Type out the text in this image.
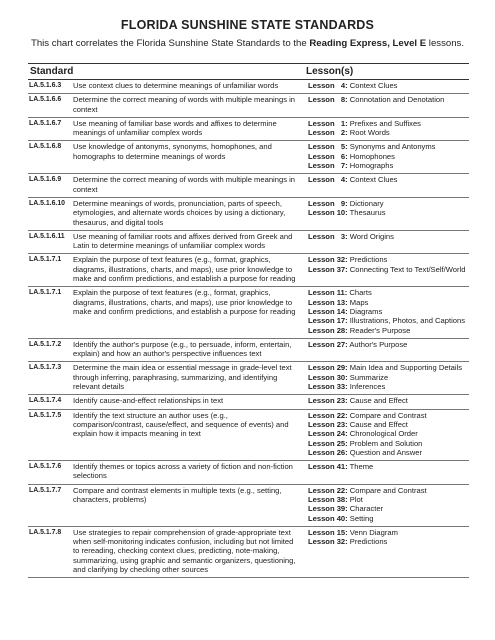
FLORIDA SUNSHINE STATE STANDARDS
This chart correlates the Florida Sunshine State Standards to the Reading Express, Level E lessons.
Standard		Lesson(s)
LA.5.1.6.3	Use context clues to determine meanings of unfamiliar words	Lesson   4: Context Clues

LA.5.1.6.6	Determine the correct meaning of words with multiple meanings in context	Lesson   8: Connotation and Denotation

LA.5.1.6.7	Use meaning of familiar base words and affixes to determine meanings of unfamiliar complex words	Lesson   1: Prefixes and Suffixes
Lesson   2: Root Words

LA.5.1.6.8	Use knowledge of antonyms, synonyms, homophones, and homographs to determine meanings of words	Lesson   5: Synonyms and Antonyms
Lesson   6: Homophones
Lesson   7: Homographs

LA.5.1.6.9	Determine the correct meaning of words with multiple meanings in context	Lesson   4: Context Clues

LA.5.1.6.10	Determine meanings of words, pronunciation, parts of speech, etymologies, and alternate words choices by using a dictionary, thesaurus, and digital tools	Lesson   9: Dictionary
Lesson 10: Thesaurus

LA.5.1.6.11	Use meaning of familiar roots and affixes derived from Greek and Latin to determine meanings of unfamiliar complex words	Lesson   3: Word Origins

LA.5.1.7.1	Explain the purpose of text features (e.g., format, graphics, diagrams, illustrations, charts, and maps), use prior knowledge to make and confirm predictions, and establish a purpose for reading	Lesson 32: Predictions
Lesson 37: Connecting Text to Text/Self/World

LA.5.1.7.1	Explain the purpose of text features (e.g., format, graphics, diagrams, illustrations, charts, and maps), use prior knowledge to make and confirm predictions, and establish a purpose for reading	Lesson 11: Charts
Lesson 13: Maps
Lesson 14: Diagrams
Lesson 17: Illustrations, Photos, and Captions
Lesson 28: Reader's Purpose

LA.5.1.7.2	Identify the author's purpose (e.g., to persuade, inform, entertain, explain) and how an author's perspective influences text	Lesson 27: Author's Purpose

LA.5.1.7.3	Determine the main idea or essential message in grade-level text through inferring, paraphrasing, summarizing, and identifying relevant details	Lesson 29: Main Idea and Supporting Details
Lesson 30: Summarize
Lesson 33: Inferences

LA.5.1.7.4	Identify cause-and-effect relationships in text	Lesson 23: Cause and Effect

LA.5.1.7.5	Identify the text structure an author uses (e.g., comparison/contrast, cause/effect, and sequence of events) and explain how it impacts meaning in text	Lesson 22: Compare and Contrast
Lesson 23: Cause and Effect
Lesson 24: Chronological Order
Lesson 25: Problem and Solution
Lesson 26: Question and Answer

LA.5.1.7.6	Identify themes or topics across a variety of fiction and non-fiction selections	Lesson 41: Theme

LA.5.1.7.7	Compare and contrast elements in multiple texts (e.g., setting, characters, problems)	Lesson 22: Compare and Contrast
Lesson 38: Plot
Lesson 39: Character
Lesson 40: Setting

LA.5.1.7.8	Use strategies to repair comprehension of grade-appropriate text when self-monitoring indicates confusion, including but not limited to rereading, checking context clues, predicting, note-making, summarizing, using graphic and semantic organizers, questioning, and clarifying by checking other sources	Lesson 15: Venn Diagram
Lesson 32: Predictions
